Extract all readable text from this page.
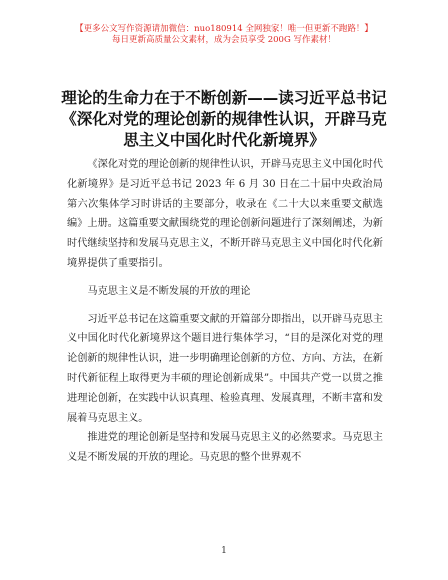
【更多公文写作资源请加微信：nuo180914 全网独家！唯一但更新不跑路！】
每日更新高质量公文素材，成为会员享受 200G 写作素材！
理论的生命力在于不断创新——读习近平总书记《深化对党的理论创新的规律性认识，开辟马克思主义中国化时代化新境界》

《深化对党的理论创新的规律性认识，开辟马克思主义中国化时代化新境界》是习近平总书记 2023 年 6 月 30 日在二十届中央政治局第六次集体学习时讲话的主要部分，收录在《二十大以来重要文献选编》上册。这篇重要文献围绕党的理论创新问题进行了深刻阐述，为新时代继续坚持和发展马克思主义，不断开辟马克思主义中国化时代化新境界提供了重要指引。

马克思主义是不断发展的开放的理论

习近平总书记在这篇重要文献的开篇部分即指出，以开辟马克思主义中国化时代化新境界这个题目进行集体学习，“目的是深化对党的理论创新的规律性认识，进一步明确理论创新的方位、方向、方法，在新时代新征程上取得更为丰硕的理论创新成果”。中国共产党一以贯之推进理论创新，在实践中认识真理、检验真理、发展真理，不断丰富和发展着马克思主义。

推进党的理论创新是坚持和发展马克思主义的必然要求。马克思主义是不断发展的开放的理论。马克思的整个世界观不

1
